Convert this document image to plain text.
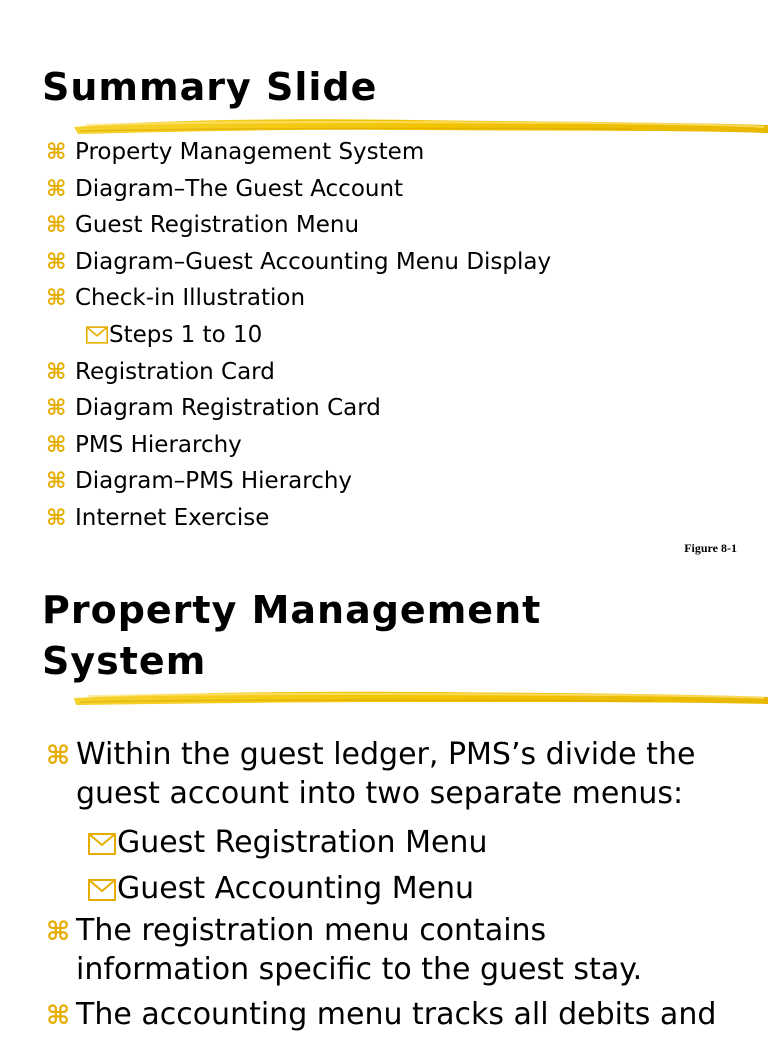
Summary Slide
⌘ Property Management System
⌘ Diagram–The Guest Account
⌘ Guest Registration Menu
⌘ Diagram–Guest Accounting Menu Display
⌘ Check-in Illustration
Steps 1 to 10
⌘ Registration Card
⌘ Diagram Registration Card
⌘ PMS Hierarchy
⌘ Diagram–PMS Hierarchy
⌘ Internet Exercise
Figure 8-1
Property Management
System
⌘ Within the guest ledger, PMS’s divide the
guest account into two separate menus:
Guest Registration Menu
Guest Accounting Menu
⌘ The registration menu contains
information specific to the guest stay.
⌘ The accounting menu tracks all debits and
